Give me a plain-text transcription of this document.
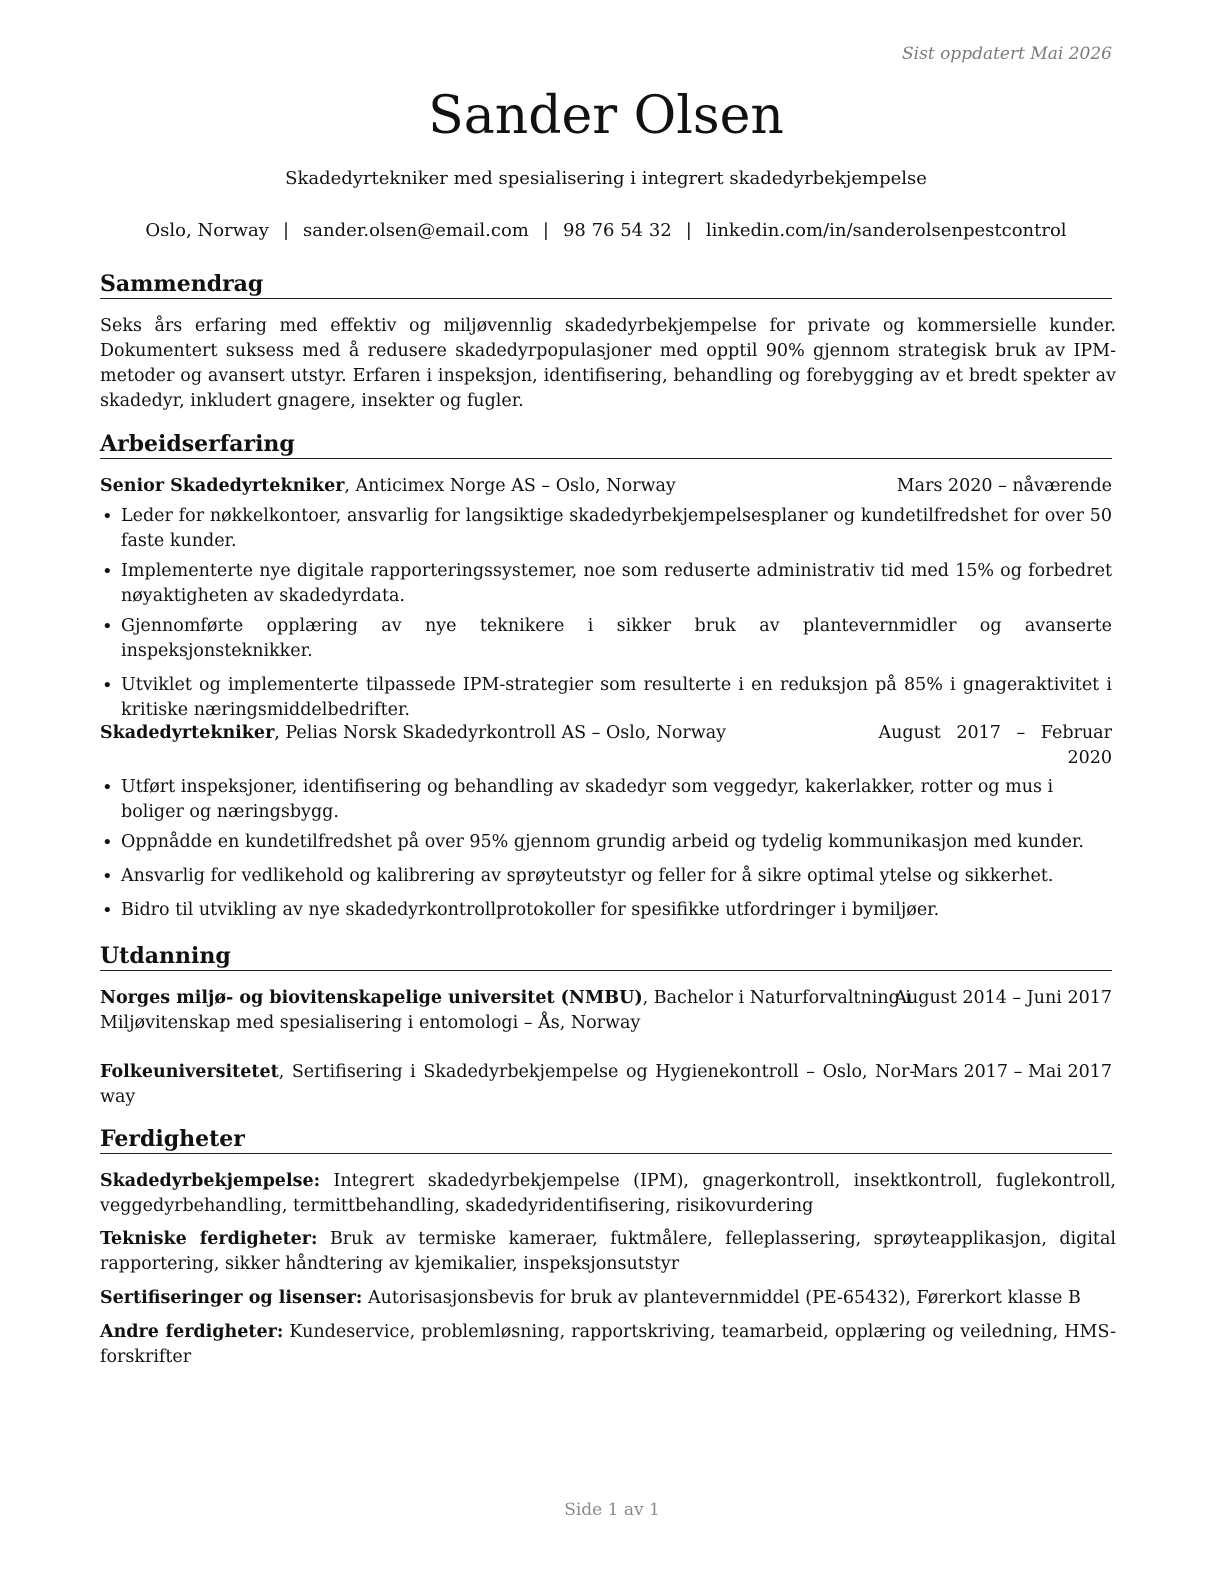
Sist oppdatert Mai 2026
Sander Olsen
Skadedyrtekniker med spesialisering i integrert skadedyrbekjempelse
Oslo, Norway | sander.olsen@email.com | 98 76 54 32 | linkedin.com/in/sanderolsenpestcontrol
Sammendrag
Seks års erfaring med effektiv og miljøvennlig skadedyrbekjempelse for private og kommersielle kunder. Dokumentert suksess med å redusere skadedyrpopulasjoner med opptil 90% gjennom strategisk bruk av IPM-metoder og avansert utstyr. Erfaren i inspeksjon, identifisering, behandling og forebygging av et bredt spekter av skadedyr, inkludert gnagere, insekter og fugler.
Arbeidserfaring
Senior Skadedyrtekniker, Anticimex Norge AS – Oslo, Norway	Mars 2020 – nåværende
• Leder for nøkkelkontoer, ansvarlig for langsiktige skadedyrbekjempelsesplaner og kundetilfredshet for over 50 faste kunder.
• Implementerte nye digitale rapporteringssystemer, noe som reduserte administrativ tid med 15% og forbedret nøyaktigheten av skadedyrdata.
• Gjennomførte opplæring av nye teknikere i sikker bruk av plantevernmidler og avanserte inspeksjonsteknikker.
• Utviklet og implementerte tilpassede IPM-strategier som resulterte i en reduksjon på 85% i gnageraktivitet i kritiske næringsmiddelbedrifter.
Skadedyrtekniker, Pelias Norsk Skadedyrkontroll AS – Oslo, Norway	August 2017 – Februar
2020
• Utført inspeksjoner, identifisering og behandling av skadedyr som veggedyr, kakerlakker, rotter og mus i boliger og næringsbygg.
• Oppnådde en kundetilfredshet på over 95% gjennom grundig arbeid og tydelig kommunikasjon med kunder.
• Ansvarlig for vedlikehold og kalibrering av sprøyteutstyr og feller for å sikre optimal ytelse og sikkerhet.
• Bidro til utvikling av nye skadedyrkontrollprotokoller for spesifikke utfordringer i bymiljøer.
Utdanning
Norges miljø- og biovitenskapelige universitet (NMBU), Bachelor i Naturforvaltning i
Miljøvitenskap med spesialisering i entomologi – Ås, Norway
August 2014 – Juni 2017
Folkeuniversitetet, Sertifisering i Skadedyrbekjempelse og Hygienekontroll – Oslo, Nor-
way
Mars 2017 – Mai 2017
Ferdigheter
Skadedyrbekjempelse: Integrert skadedyrbekjempelse (IPM), gnagerkontroll, insektkontroll, fuglekontroll, veggedyrbehandling, termittbehandling, skadedyridentifisering, risikovurdering
Tekniske ferdigheter: Bruk av termiske kameraer, fuktmålere, felleplassering, sprøyteapplikasjon, digital rapportering, sikker håndtering av kjemikalier, inspeksjonsutstyr
Sertifiseringer og lisenser: Autorisasjonsbevis for bruk av plantevernmiddel (PE-65432), Førerkort klasse B
Andre ferdigheter: Kundeservice, problemløsning, rapportskriving, teamarbeid, opplæring og veiledning, HMS-forskrifter
Side 1 av 1
